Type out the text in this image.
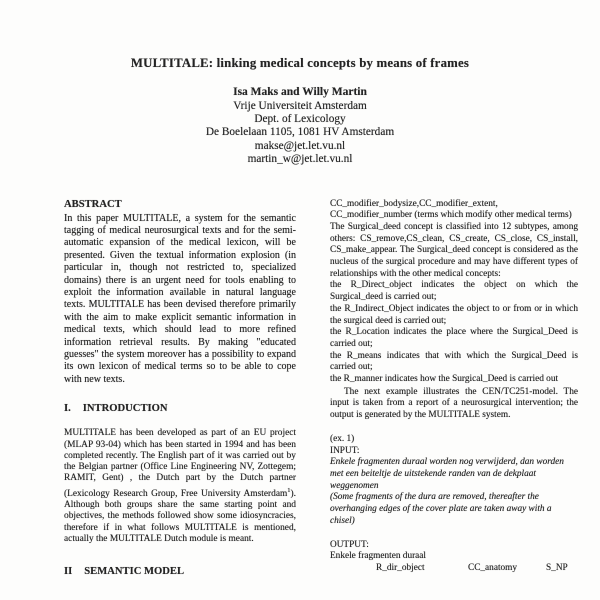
MULTITALE: linking medical concepts by means of frames
Isa Maks and Willy Martin
Vrije Universiteit Amsterdam
Dept. of Lexicology
De Boelelaan 1105, 1081 HV Amsterdam
makse@jet.let.vu.nl
martin_w@jet.let.vu.nl
ABSTRACT
In this paper MULTITALE, a system for the semantic tagging of medical neurosurgical texts and for the semi-automatic expansion of the medical lexicon, will be presented. Given the textual information explosion (in particular in, though not restricted to, specialized domains) there is an urgent need for tools enabling to exploit the information available in natural language texts. MULTITALE has been devised therefore primarily with the aim to make explicit semantic information in medical texts, which should lead to more refined information retrieval results. By making "educated guesses" the system moreover has a possibility to expand its own lexicon of medical terms so to be able to cope with new texts.
I. INTRODUCTION
MULTITALE has been developed as part of an EU project (MLAP 93-04) which has been started in 1994 and has been completed recently. The English part of it was carried out by the Belgian partner (Office Line Engineering NV, Zottegem; RAMIT, Gent) , the Dutch part by the Dutch partner (Lexicology Research Group, Free University Amsterdam$^1$). Although both groups share the same starting point and objectives, the methods followed show some idiosyncracies, therefore if in what follows MULTITALE is mentioned, actually the MULTITALE Dutch module is meant.
II SEMANTIC MODEL
CC_modifier_bodysize,CC_modifier_extent,
CC_modifier_number (terms which modify other medical terms)
The Surgical_deed concept is classified into 12 subtypes, among others: CS_remove,CS_clean, CS_create, CS_close, CS_install, CS_make_appear. The Surgical_deed concept is considered as the nucleus of the surgical procedure and may have different types of relationships with the other medical concepts:
the R_Direct_object indicates the object on which the Surgical_deed is carried out;
the R_Indirect_Object indicates the object to or from or in which the surgical deed is carried out;
the R_Location indicates the place where the Surgical_Deed is carried out;
the R_means indicates that with which the Surgical_Deed is carried out;
the R_manner indicates how the Surgical_Deed is carried out
The next example illustrates the CEN/TC251-model. The input is taken from a report of a neurosurgical intervention; the output is generated by the MULTITALE system.
(ex. 1)
INPUT:
Enkele fragmenten duraal worden nog verwijderd, dan worden met een beiteltje de uitstekende randen van de dekplaat weggenomen
(Some fragments of the dura are removed, thereafter the overhanging edges of the cover plate are taken away with a chisel)
OUTPUT:
Enkele fragmenten duraal
R_dir_object	CC_anatomy	S_NP
